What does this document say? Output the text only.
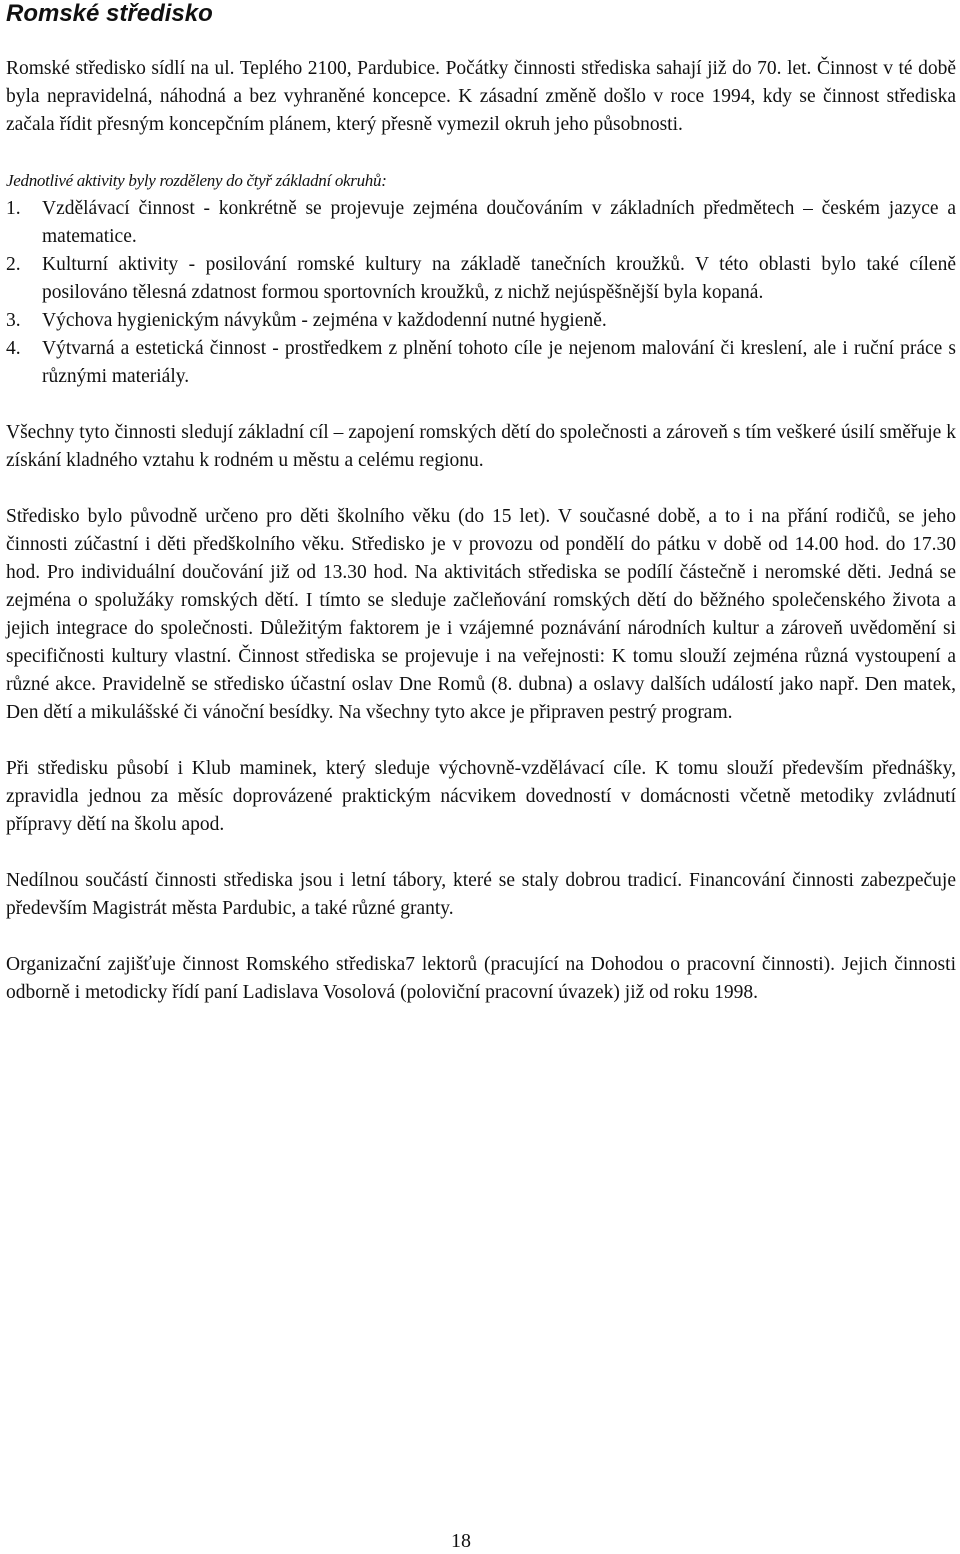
Romské středisko

Romské středisko sídlí na ul. Teplého 2100, Pardubice. Počátky činnosti střediska sahají již do 70. let. Činnost v té době byla nepravidelná, náhodná a bez vyhraněné koncepce. K zásadní změně došlo v roce 1994, kdy se činnost střediska začala řídit přesným koncepčním plánem, který přesně vymezil okruh jeho působnosti.

Jednotlivé aktivity byly rozděleny do čtyř základní okruhů:

1. Vzdělávací činnost - konkrétně se projevuje zejména doučováním v základních předmětech – českém jazyce a matematice.
2. Kulturní aktivity - posilování romské kultury na základě tanečních kroužků. V této oblasti bylo také cíleně posilováno tělesná zdatnost formou sportovních kroužků, z nichž nejúspěšnější byla kopaná.
3. Výchova hygienickým návykům - zejména v každodenní nutné hygieně.
4. Výtvarná a estetická činnost - prostředkem z plnění tohoto cíle je nejenom malování či kreslení, ale i ruční práce s různými materiály.

Všechny tyto činnosti sledují základní cíl – zapojení romských dětí do společnosti a zároveň s tím veškeré úsilí směřuje k získání kladného vztahu k rodném u městu a celému regionu.

Středisko bylo původně určeno pro děti školního věku (do 15 let). V současné době, a to i na přání rodičů, se jeho činnosti zúčastní i děti předškolního věku. Středisko je v provozu od pondělí do pátku v době od 14.00 hod. do 17.30 hod. Pro individuální doučování již od 13.30 hod. Na aktivitách střediska se podílí částečně i neromské děti. Jedná se zejména o spolužáky romských dětí. I tímto se sleduje začleňování romských dětí do běžného společenského života a jejich integrace do společnosti. Důležitým faktorem je i vzájemné poznávání národních kultur a zároveň uvědomění si specifičnosti kultury vlastní. Činnost střediska se projevuje i na veřejnosti: K tomu slouží zejména různá vystoupení a různé akce. Pravidelně se středisko účastní oslav Dne Romů (8. dubna) a oslavy dalších událostí jako např. Den matek, Den dětí a mikulášské či vánoční besídky. Na všechny tyto akce je připraven pestrý program.

Při středisku působí i Klub maminek, který sleduje výchovně-vzdělávací cíle. K tomu slouží především přednášky, zpravidla jednou za měsíc doprovázené praktickým nácvikem dovedností v domácnosti včetně metodiky zvládnutí přípravy dětí na školu apod.

Nedílnou součástí činnosti střediska jsou i letní tábory, které se staly dobrou tradicí. Financování činnosti zabezpečuje především Magistrát města Pardubic, a také různé granty.

Organizační zajišťuje činnost Romského střediska7 lektorů (pracující na Dohodou o pracovní činnosti). Jejich činnosti odborně i metodicky řídí paní Ladislava Vosolová (poloviční pracovní úvazek) již od roku 1998.

18
